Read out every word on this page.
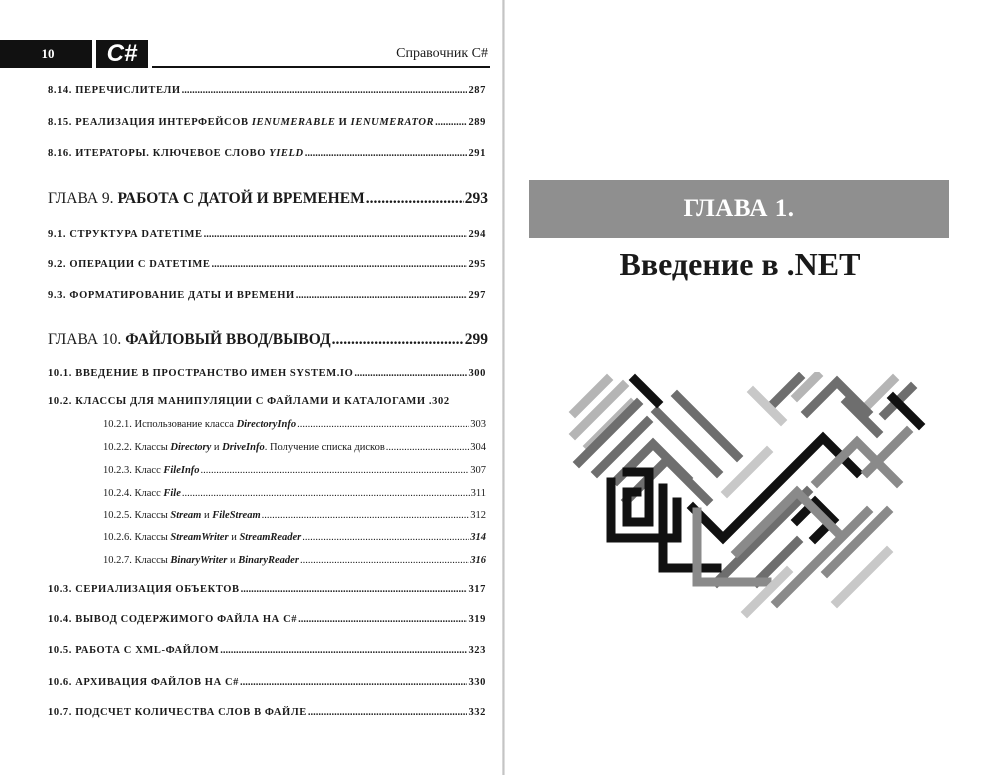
10	C#	Справочник C#
8.14. ПЕРЕЧИСЛИТЕЛИ .....	287
8.15. РЕАЛИЗАЦИЯ ИНТЕРФЕЙСОВ IENUMERABLE И IENUMERATOR .....	289
8.16. ИТЕРАТОРЫ. КЛЮЧЕВОЕ СЛОВО YIELD .....	291
ГЛАВА 9. РАБОТА С ДАТОЙ И ВРЕМЕНЕМ .....	293
9.1. СТРУКТУРА DATETIME .....	294
9.2. ОПЕРАЦИИ С DATETIME .....	295
9.3. ФОРМАТИРОВАНИЕ ДАТЫ И ВРЕМЕНИ .....	297
ГЛАВА 10. ФАЙЛОВЫЙ ВВОД/ВЫВОД .....	299
10.1. ВВЕДЕНИЕ В ПРОСТРАНСТВО ИМЕН SYSTEM.IO .....	300
10.2. КЛАССЫ ДЛЯ МАНИПУЛЯЦИИ С ФАЙЛАМИ И КАТАЛОГАМИ . 302
10.2.1. Использование класса DirectoryInfo .....	303
10.2.2. Классы Directory и DriveInfo. Получение списка дисков .....	304
10.2.3. Класс FileInfo .....	307
10.2.4. Класс File .....	311
10.2.5. Классы Stream и FileStream .....	312
10.2.6. Классы StreamWriter и StreamReader .....	314
10.2.7. Классы BinaryWriter и BinaryReader .....	316
10.3. СЕРИАЛИЗАЦИЯ ОБЪЕКТОВ .....	317
10.4. ВЫВОД СОДЕРЖИМОГО ФАЙЛА НА C# .....	319
10.5. РАБОТА С XML-ФАЙЛОМ .....	323
10.6. АРХИВАЦИЯ ФАЙЛОВ НА C# .....	330
10.7. ПОДСЧЕТ КОЛИЧЕСТВА СЛОВ В ФАЙЛЕ .....	332
ГЛАВА 1.
Введение в .NET
